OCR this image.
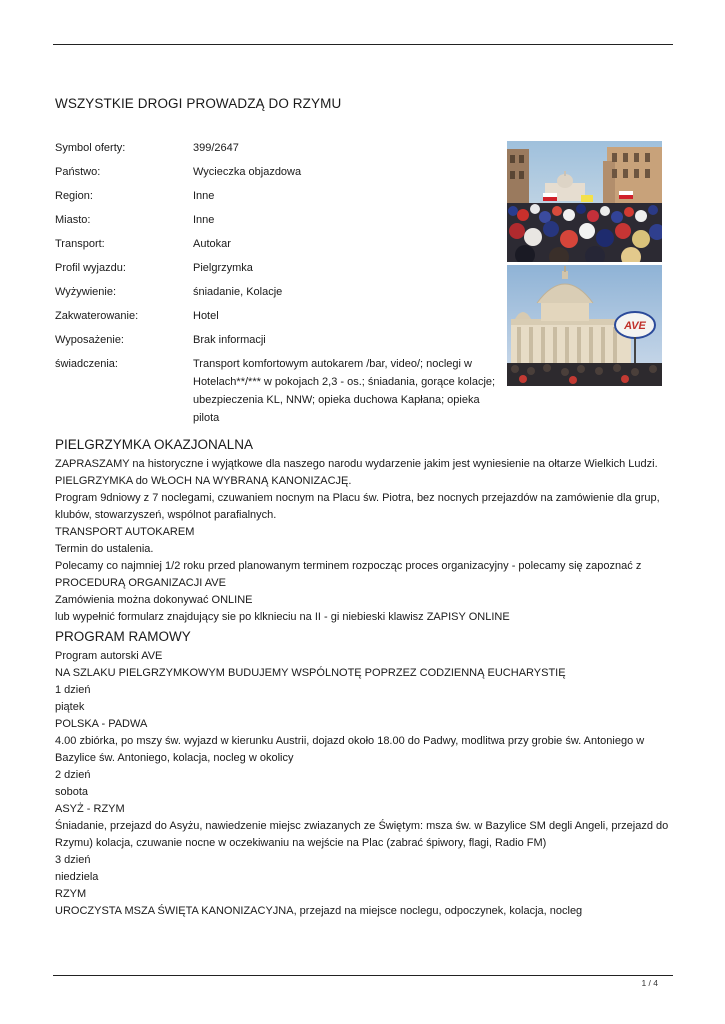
WSZYSTKIE DROGI PROWADZĄ DO RZYMU
Symbol oferty:	399/2647
Państwo:	Wycieczka objazdowa
Region:	Inne
Miasto:	Inne
Transport:	Autokar
Profil wyjazdu:	Pielgrzymka
Wyżywienie:	śniadanie, Kolacje
Zakwaterowanie:	Hotel
Wyposażenie:	Brak informacji
świadczenia:	Transport komfortowym autokarem /bar, video/; noclegi w Hotelach**/*** w pokojach 2,3 - os.; śniadania, gorące kolacje; ubezpieczenia KL, NNW; opieka duchowa Kapłana; opieka pilota
AVE
PIELGRZYMKA OKAZJONALNA

ZAPRASZAMY na historyczne i wyjątkowe dla naszego narodu wydarzenie jakim jest wyniesienie na ołtarze Wielkich Ludzi.

PIELGRZYMKA do WŁOCH NA WYBRANĄ KANONIZACJĘ.

Program 9dniowy z 7 noclegami, czuwaniem nocnym na Placu św. Piotra, bez nocnych przejazdów na zamówienie dla grup, klubów, stowarzyszeń, wspólnot parafialnych.

TRANSPORT AUTOKAREM

Termin do ustalenia.

Polecamy co najmniej 1/2 roku przed planowanym terminem rozpocząc proces organizacyjny - polecamy się zapoznać z PROCEDURĄ ORGANIZACJI AVE

Zamówienia można dokonywać ONLINE

lub wypełnić formularz znajdujący sie po klknieciu na II - gi niebieski klawisz ZAPISY ONLINE

PROGRAM RAMOWY

Program autorski AVE

NA SZLAKU PIELGRZYMKOWYM BUDUJEMY WSPÓLNOTĘ POPRZEZ CODZIENNĄ EUCHARYSTIĘ

1 dzień

piątek

POLSKA - PADWA

4.00 zbiórka, po mszy św. wyjazd w kierunku Austrii, dojazd około 18.00 do Padwy, modlitwa przy grobie św. Antoniego w Bazylice św. Antoniego, kolacja, nocleg w okolicy

2 dzień

sobota

ASYŻ - RZYM

Śniadanie, przejazd do Asyżu, nawiedzenie miejsc zwiazanych ze Świętym: msza św. w Bazylice SM degli Angeli, przejazd do Rzymu) kolacja, czuwanie nocne w oczekiwaniu na wejście na Plac (zabrać śpiwory, flagi, Radio FM)

3 dzień

niedziela

RZYM

UROCZYSTA MSZA ŚWIĘTA KANONIZACYJNA, przejazd na miejsce noclegu, odpoczynek, kolacja, nocleg

1 / 4
